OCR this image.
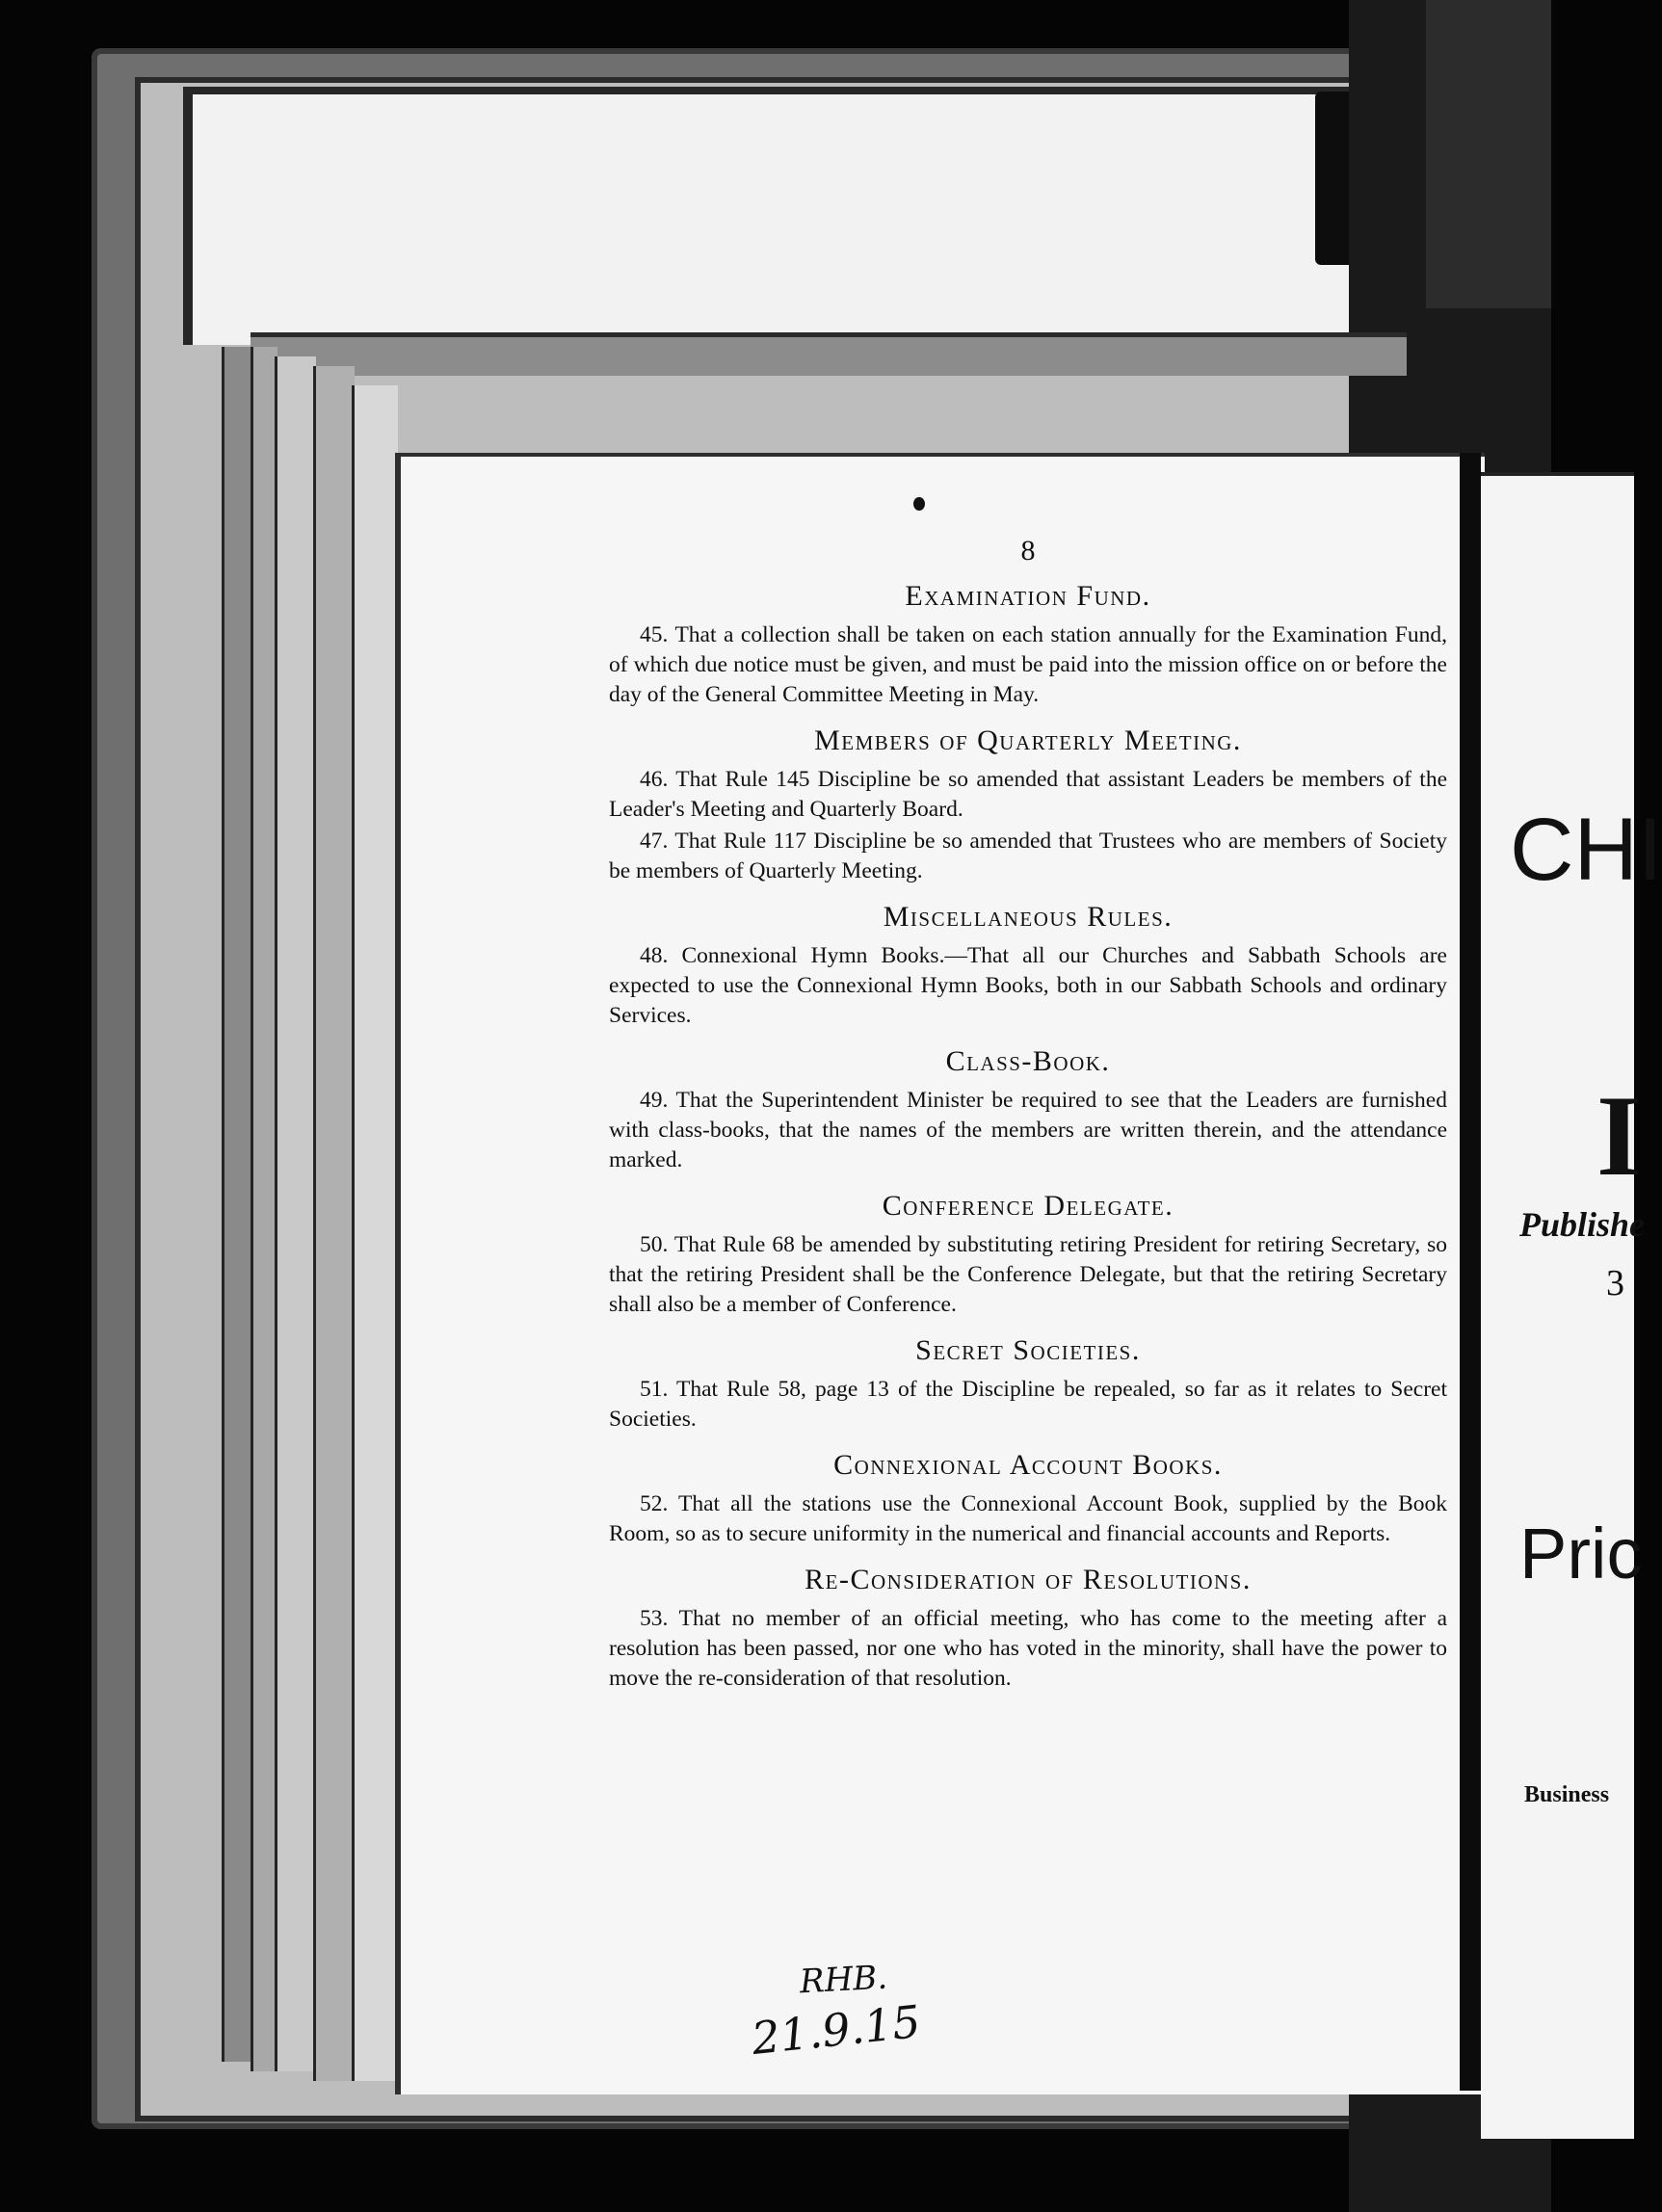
CHI
I
Publishe
3
Pric
Business
8
Examination Fund.

45. That a collection shall be taken on each station annually for the Examination Fund, of which due notice must be given, and must be paid into the mission office on or before the day of the General Committee Meeting in May.

Members of Quarterly Meeting.

46. That Rule 145 Discipline be so amended that assistant Leaders be members of the Leader's Meeting and Quarterly Board.

47. That Rule 117 Discipline be so amended that Trustees who are members of Society be members of Quarterly Meeting.

Miscellaneous Rules.

48. Connexional Hymn Books.—That all our Churches and Sabbath Schools are expected to use the Connexional Hymn Books, both in our Sabbath Schools and ordinary Services.

Class-Book.

49. That the Superintendent Minister be required to see that the Leaders are furnished with class-books, that the names of the members are written therein, and the attendance marked.

Conference Delegate.

50. That Rule 68 be amended by substituting retiring President for retiring Secretary, so that the retiring President shall be the Conference Delegate, but that the retiring Secretary shall also be a member of Conference.

Secret Societies.

51. That Rule 58, page 13 of the Discipline be repealed, so far as it relates to Secret Societies.

Connexional Account Books.

52. That all the stations use the Connexional Account Book, supplied by the Book Room, so as to secure uniformity in the numerical and financial accounts and Reports.

Re-Consideration of Resolutions.

53. That no member of an official meeting, who has come to the meeting after a resolution has been passed, nor one who has voted in the minority, shall have the power to move the re-consideration of that resolution.

RHB.
21.9.15
